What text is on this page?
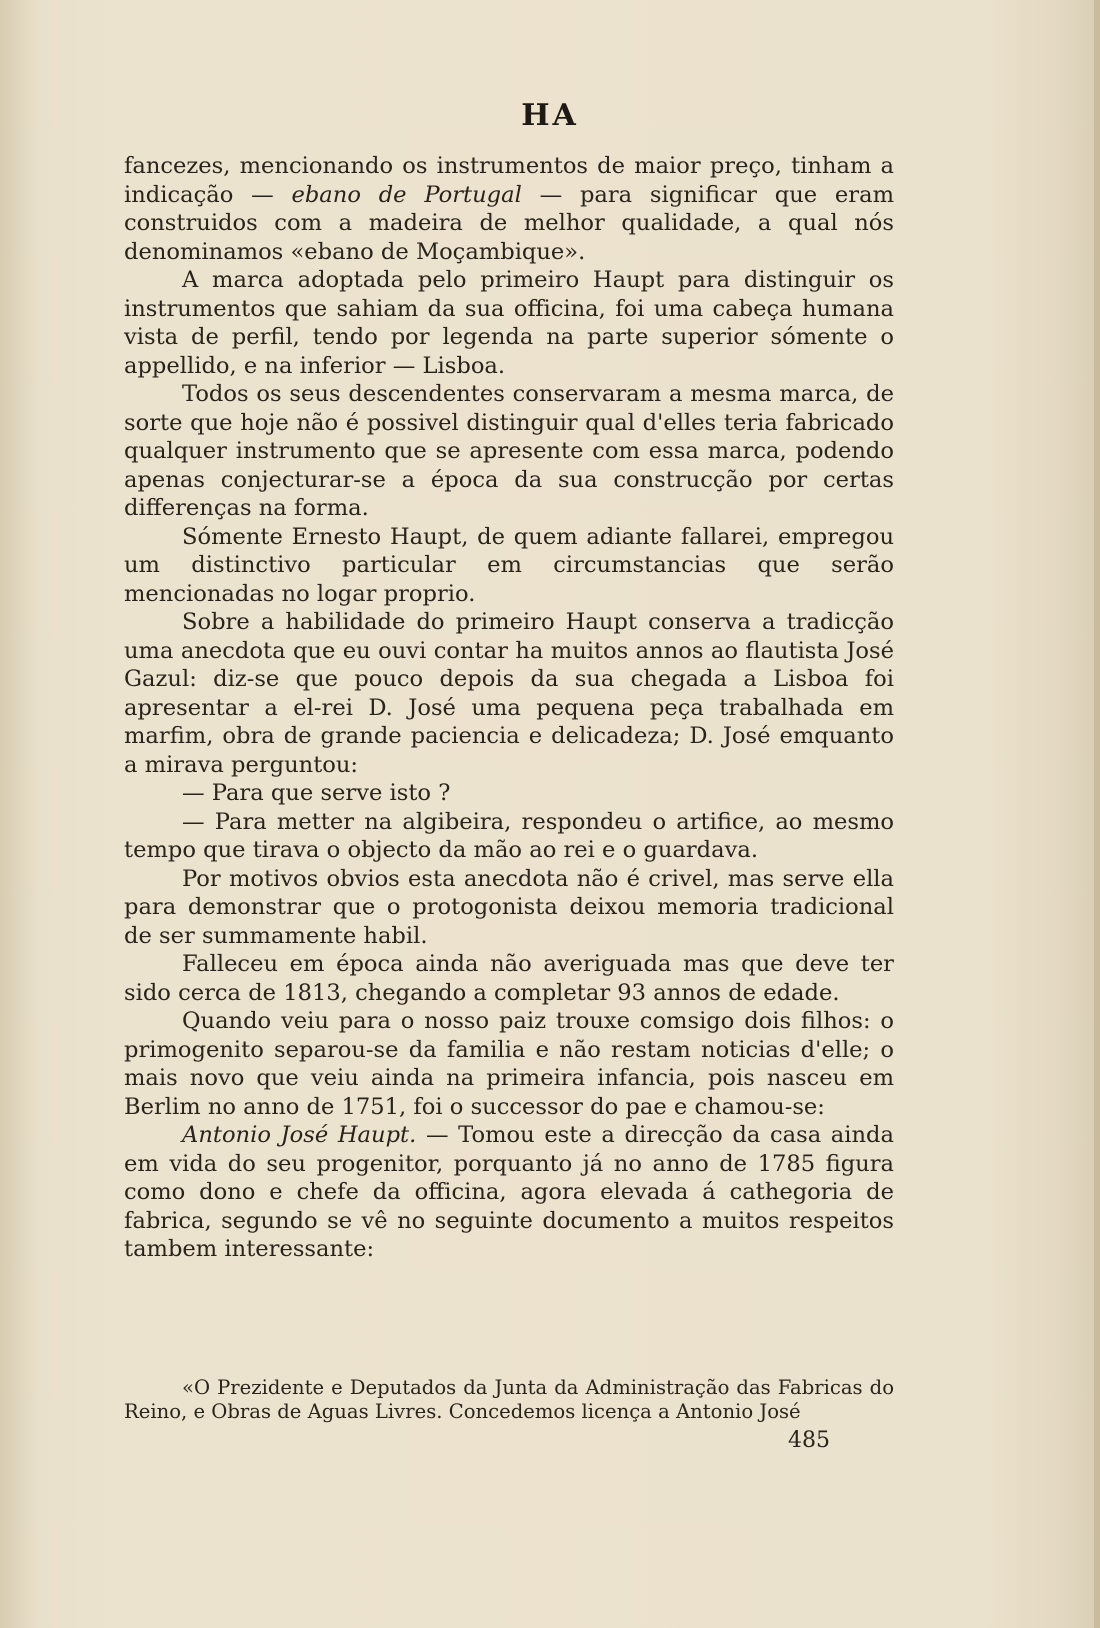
HA

fancezes, mencionando os instrumentos de maior preço, tinham a indicação — ebano de Portugal — para significar que eram construidos com a madeira de melhor qualidade, a qual nós denominamos «ebano de Moçambique».

A marca adoptada pelo primeiro Haupt para distinguir os instrumentos que sahiam da sua officina, foi uma cabeça humana vista de perfil, tendo por legenda na parte superior sómente o appellido, e na inferior — Lisboa.

Todos os seus descendentes conservaram a mesma marca, de sorte que hoje não é possivel distinguir qual d'elles teria fabricado qualquer instrumento que se apresente com essa marca, podendo apenas conjecturar-se a época da sua construcção por certas differenças na forma.

Sómente Ernesto Haupt, de quem adiante fallarei, empregou um distinctivo particular em circumstancias que serão mencionadas no logar proprio.

Sobre a habilidade do primeiro Haupt conserva a tradicção uma anecdota que eu ouvi contar ha muitos annos ao flautista José Gazul: diz-se que pouco depois da sua chegada a Lisboa foi apresentar a el-rei D. José uma pequena peça trabalhada em marfim, obra de grande paciencia e delicadeza; D. José emquanto a mirava perguntou:

— Para que serve isto ?

— Para metter na algibeira, respondeu o artifice, ao mesmo tempo que tirava o objecto da mão ao rei e o guardava.

Por motivos obvios esta anecdota não é crivel, mas serve ella para demonstrar que o protogonista deixou memoria tradicional de ser summamente habil.

Falleceu em época ainda não averiguada mas que deve ter sido cerca de 1813, chegando a completar 93 annos de edade.

Quando veiu para o nosso paiz trouxe comsigo dois filhos: o primogenito separou-se da familia e não restam noticias d'elle; o mais novo que veiu ainda na primeira infancia, pois nasceu em Berlim no anno de 1751, foi o successor do pae e chamou-se:

Antonio José Haupt. — Tomou este a direcção da casa ainda em vida do seu progenitor, porquanto já no anno de 1785 figura como dono e chefe da officina, agora elevada á cathegoria de fabrica, segundo se vê no seguinte documento a muitos respeitos tambem interessante:

«O Prezidente e Deputados da Junta da Administração das Fabricas do Reino, e Obras de Aguas Livres. Concedemos licença a Antonio José

485
